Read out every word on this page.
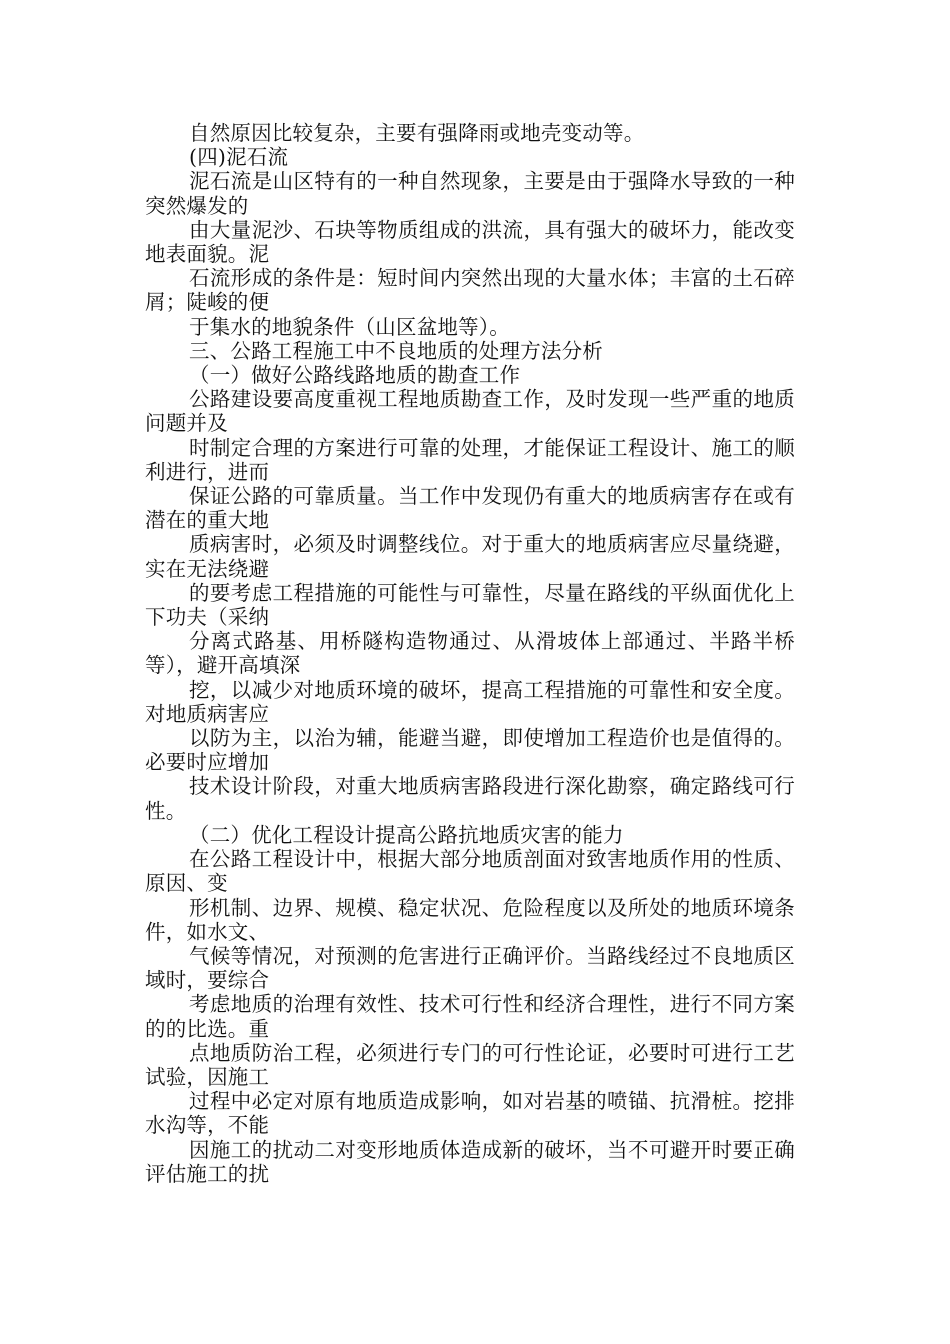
自然原因比较复杂，主要有强降雨或地壳变动等。

(四)泥石流

泥石流是山区特有的一种自然现象，主要是由于强降水导致的一种突然爆发的

由大量泥沙、石块等物质组成的洪流，具有强大的破坏力，能改变地表面貌。泥

石流形成的条件是：短时间内突然出现的大量水体；丰富的土石碎屑；陡峻的便

于集水的地貌条件（山区盆地等）。

三、公路工程施工中不良地质的处理方法分析

（一）做好公路线路地质的勘查工作

公路建设要高度重视工程地质勘查工作，及时发现一些严重的地质问题并及

时制定合理的方案进行可靠的处理，才能保证工程设计、施工的顺利进行，进而

保证公路的可靠质量。当工作中发现仍有重大的地质病害存在或有潜在的重大地

质病害时，必须及时调整线位。对于重大的地质病害应尽量绕避，实在无法绕避

的要考虑工程措施的可能性与可靠性，尽量在路线的平纵面优化上下功夫（采纳

分离式路基、用桥隧构造物通过、从滑坡体上部通过、半路半桥等），避开高填深

挖，以减少对地质环境的破坏，提高工程措施的可靠性和安全度。对地质病害应

以防为主，以治为辅，能避当避，即使增加工程造价也是值得的。必要时应增加

技术设计阶段，对重大地质病害路段进行深化勘察，确定路线可行性。

（二）优化工程设计提高公路抗地质灾害的能力

在公路工程设计中，根据大部分地质剖面对致害地质作用的性质、原因、变

形机制、边界、规模、稳定状况、危险程度以及所处的地质环境条件，如水文、

气候等情况，对预测的危害进行正确评价。当路线经过不良地质区域时，要综合

考虑地质的治理有效性、技术可行性和经济合理性，进行不同方案的的比选。重

点地质防治工程，必须进行专门的可行性论证，必要时可进行工艺试验，因施工

过程中必定对原有地质造成影响，如对岩基的喷锚、抗滑桩。挖排水沟等，不能

因施工的扰动二对变形地质体造成新的破坏，当不可避开时要正确评估施工的扰
